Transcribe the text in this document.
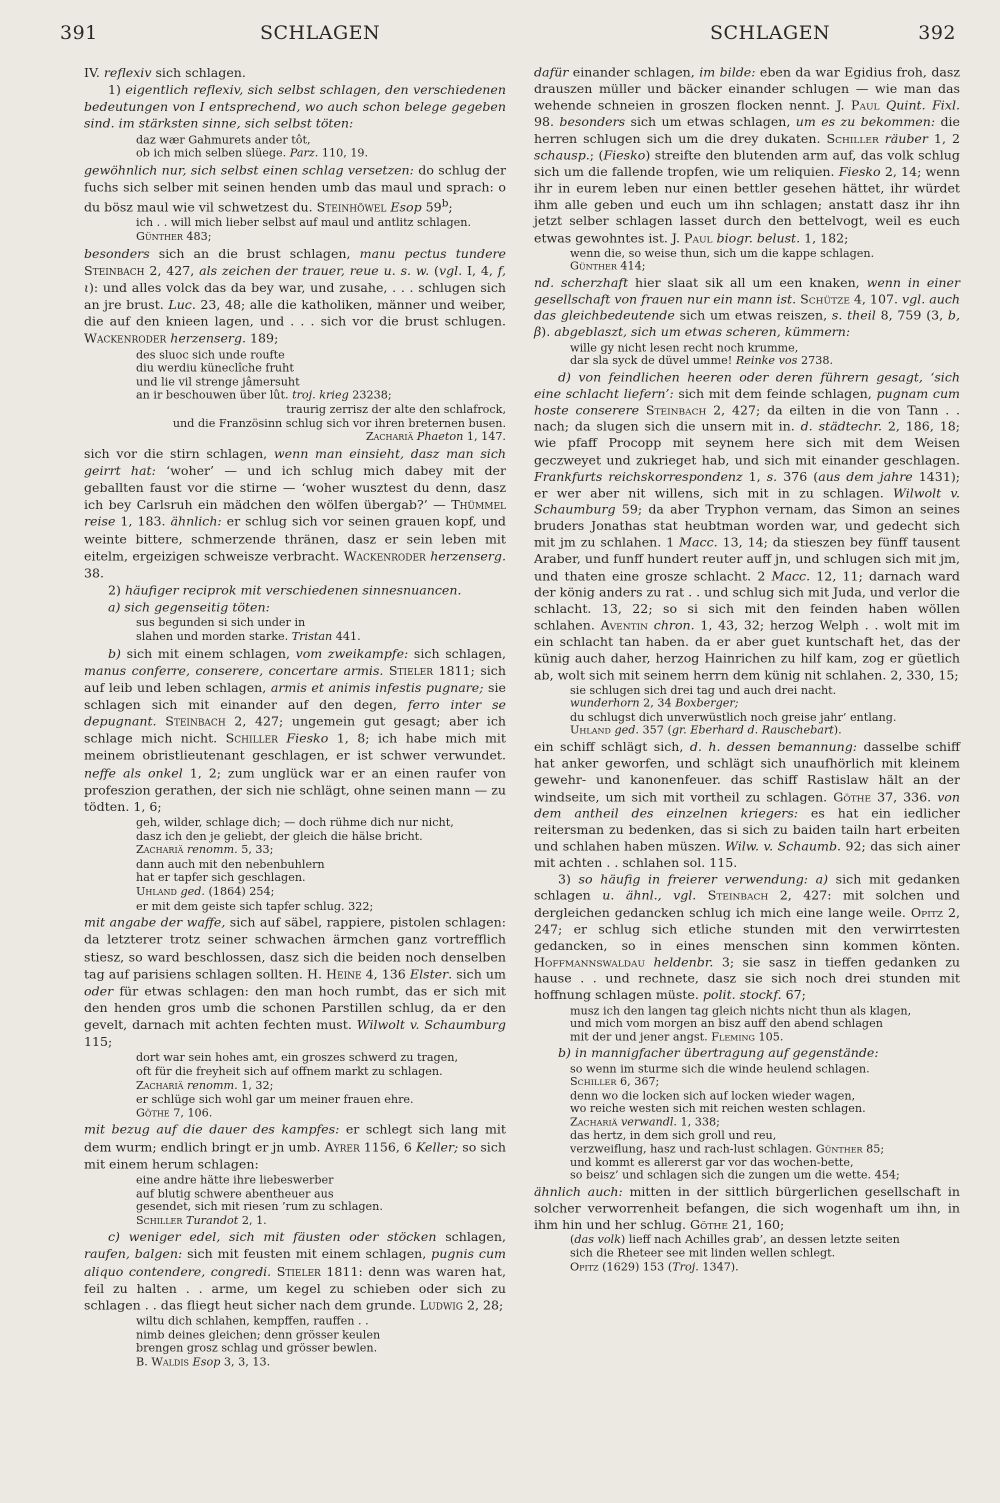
391	SCHLAGEN	SCHLAGEN	392

IV. reflexiv sich schlagen.

1) eigentlich reflexiv, sich selbst schlagen, den verschiedenen bedeutungen von I entsprechend, wo auch schon belege gegeben sind. im stärksten sinne, sich selbst töten:

daz wær Gahmurets ander tôt,
ob ich mich selben slüege. Parz. 110, 19.

gewöhnlich nur, sich selbst einen schlag versetzen: do schlug der fuchs sich selber mit seinen henden umb das maul und sprach: o du bösz maul wie vil schwetzest du. Steinhöwel Esop 59$^b$;

ich . . will mich lieber selbst auf maul und antlitz schlagen.
Günther 483;

besonders sich an die brust schlagen, manu pectus tundere Steinbach 2, 427, als zeichen der trauer, reue u. s. w. (vgl. I, 4, f, ι): und alles volck das da bey war, und zusahe, . . . schlugen sich an jre brust. Luc. 23, 48; alle die katholiken, männer und weiber, die auf den knieen lagen, und . . . sich vor die brust schlugen. Wackenroder herzenserg. 189;

des sluoc sich unde roufte
diu werdiu küneclîche fruht
und lie vil strenge jâmersuht
an ir beschouwen über lût. troj. krieg 23238;
traurig zerrisz der alte den schlafrock,
und die Französinn schlug sich vor ihren breternen busen.
Zachariä Phaeton 1, 147.

sich vor die stirn schlagen, wenn man einsieht, dasz man sich geirrt hat: ‘woher’ — und ich schlug mich dabey mit der geballten faust vor die stirne — ‘woher wusztest du denn, dasz ich bey Carlsruh ein mädchen den wölfen übergab?’ — Thümmel reise 1, 183. ähnlich: er schlug sich vor seinen grauen kopf, und weinte bittere, schmerzende thränen, dasz er sein leben mit eitelm, ergeizigen schweisze verbracht. Wackenroder herzenserg. 38.

2) häufiger reciprok mit verschiedenen sinnesnuancen.

a) sich gegenseitig töten:

sus begunden si sich under in
slahen und morden starke. Tristan 441.

b) sich mit einem schlagen, vom zweikampfe: sich schlagen, manus conferre, conserere, concertare armis. Stieler 1811; sich auf leib und leben schlagen, armis et animis infestis pugnare; sie schlagen sich mit einander auf den degen, ferro inter se depugnant. Steinbach 2, 427; ungemein gut gesagt; aber ich schlage mich nicht. Schiller Fiesko 1, 8; ich habe mich mit meinem obristlieutenant geschlagen, er ist schwer verwundet. neffe als onkel 1, 2; zum unglück war er an einen raufer von profeszion gerathen, der sich nie schlägt, ohne seinen mann — zu tödten. 1, 6;

geh, wilder, schlage dich; — doch rühme dich nur nicht,
dasz ich den je geliebt, der gleich die hälse bricht.
Zachariä renomm. 5, 33;
dann auch mit den nebenbuhlern
hat er tapfer sich geschlagen.
Uhland ged. (1864) 254;
er mit dem geiste sich tapfer schlug. 322;

mit angabe der waffe, sich auf säbel, rappiere, pistolen schlagen: da letzterer trotz seiner schwachen ärmchen ganz vortrefflich stiesz, so ward beschlossen, dasz sich die beiden noch denselben tag auf parisiens schlagen sollten. H. Heine 4, 136 Elster. sich um oder für etwas schlagen: den man hoch rumbt, das er sich mit den henden gros umb die schonen Parstillen schlug, da er den gevelt, darnach mit achten fechten must. Wilwolt v. Schaumburg 115;

dort war sein hohes amt, ein groszes schwerd zu tragen,
oft für die freyheit sich auf offnem markt zu schlagen.
Zachariä renomm. 1, 32;
er schlüge sich wohl gar um meiner frauen ehre.
Göthe 7, 106.

mit bezug auf die dauer des kampfes: er schlegt sich lang mit dem wurm; endlich bringt er jn umb. Ayrer 1156, 6 Keller; so sich mit einem herum schlagen:

eine andre hätte ihre liebeswerber
auf blutig schwere abentheuer aus
gesendet, sich mit riesen ’rum zu schlagen.
Schiller Turandot 2, 1.

c) weniger edel, sich mit fäusten oder stöcken schlagen, raufen, balgen: sich mit feusten mit einem schlagen, pugnis cum aliquo contendere, congredi. Stieler 1811: denn was waren hat, feil zu halten . . arme, um kegel zu schieben oder sich zu schlagen . . das fliegt heut sicher nach dem grunde. Ludwig 2, 28;

wiltu dich schlahen, kempffen, rauffen . .
nimb deines gleichen; denn grösser keulen
brengen grosz schlag und grösser bewlen.
B. Waldis Esop 3, 3, 13.

dafür einander schlagen, im bilde: eben da war Egidius froh, dasz drauszen müller und bäcker einander schlugen — wie man das wehende schneien in groszen flocken nennt. J. Paul Quint. Fixl. 98. besonders sich um etwas schlagen, um es zu bekommen: die herren schlugen sich um die drey dukaten. Schiller räuber 1, 2 schausp.; (Fiesko) streifte den blutenden arm auf, das volk schlug sich um die fallende tropfen, wie um reliquien. Fiesko 2, 14; wenn ihr in eurem leben nur einen bettler gesehen hättet, ihr würdet ihm alle geben und euch um ihn schlagen; anstatt dasz ihr ihn jetzt selber schlagen lasset durch den bettelvogt, weil es euch etwas gewohntes ist. J. Paul biogr. belust. 1, 182;

wenn die, so weise thun, sich um die kappe schlagen.
Günther 414;

nd. scherzhaft hier slaat sik all um een knaken, wenn in einer gesellschaft von frauen nur ein mann ist. Schütze 4, 107. vgl. auch das gleichbedeutende sich um etwas reiszen, s. theil 8, 759 (3, b, β). abgeblaszt, sich um etwas scheren, kümmern:

wille gy nicht lesen recht noch krumme,
dar sla syck de düvel umme! Reinke vos 2738.

d) von feindlichen heeren oder deren führern gesagt, ‘sich eine schlacht liefern’: sich mit dem feinde schlagen, pugnam cum hoste conserere Steinbach 2, 427; da eilten in die von Tann . . nach; da slugen sich die unsern mit in. d. städtechr. 2, 186, 18; wie pfaff Procopp mit seynem here sich mit dem Weisen geczweyet und zukrieget hab, und sich mit einander geschlagen. Frankfurts reichskorrespondenz 1, s. 376 (aus dem jahre 1431); er wer aber nit willens, sich mit in zu schlagen. Wilwolt v. Schaumburg 59; da aber Tryphon vernam, das Simon an seines bruders Jonathas stat heubtman worden war, und gedecht sich mit jm zu schlahen. 1 Macc. 13, 14; da stieszen bey fünff tausent Araber, und funff hundert reuter auff jn, und schlugen sich mit jm, und thaten eine grosze schlacht. 2 Macc. 12, 11; darnach ward der könig anders zu rat . . und schlug sich mit Juda, und verlor die schlacht. 13, 22; so si sich mit den feinden haben wöllen schlahen. Aventin chron. 1, 43, 32; herzog Welph . . wolt mit im ein schlacht tan haben. da er aber guet kuntschaft het, das der künig auch daher, herzog Hainrichen zu hilf kam, zog er güetlich ab, wolt sich mit seinem herrn dem künig nit schlahen. 2, 330, 15;

sie schlugen sich drei tag und auch drei nacht.
wunderhorn 2, 34 Boxberger;
du schlugst dich unverwüstlich noch greise jahr’ entlang.
Uhland ged. 357 (gr. Eberhard d. Rauschebart).

ein schiff schlägt sich, d. h. dessen bemannung: dasselbe schiff hat anker geworfen, und schlägt sich unaufhörlich mit kleinem gewehr- und kanonenfeuer. das schiff Rastislaw hält an der windseite, um sich mit vortheil zu schlagen. Göthe 37, 336. von dem antheil des einzelnen kriegers: es hat ein iedlicher reitersman zu bedenken, das si sich zu baiden tailn hart erbeiten und schlahen haben müszen. Wilw. v. Schaumb. 92; das sich ainer mit achten . . schlahen sol. 115.

3) so häufig in freierer verwendung: a) sich mit gedanken schlagen u. ähnl., vgl. Steinbach 2, 427: mit solchen und dergleichen gedancken schlug ich mich eine lange weile. Opitz 2, 247; er schlug sich etliche stunden mit den verwirrtesten gedancken, so in eines menschen sinn kommen könten. Hoffmannswaldau heldenbr. 3; sie sasz in tieffen gedanken zu hause . . und rechnete, dasz sie sich noch drei stunden mit hoffnung schlagen müste. polit. stockf. 67;

musz ich den langen tag gleich nichts nicht thun als klagen,
und mich vom morgen an bisz auff den abend schlagen
mit der und jener angst. Fleming 105.

b) in mannigfacher übertragung auf gegenstände:

so wenn im sturme sich die winde heulend schlagen.
Schiller 6, 367;
denn wo die locken sich auf locken wieder wagen,
wo reiche westen sich mit reichen westen schlagen.
Zachariä verwandl. 1, 338;
das hertz, in dem sich groll und reu,
verzweiflung, hasz und rach-lust schlagen. Günther 85;
und kommt es allererst gar vor das wochen-bette,
so beisz’ und schlagen sich die zungen um die wette. 454;

ähnlich auch: mitten in der sittlich bürgerlichen gesellschaft in solcher verworrenheit befangen, die sich wogenhaft um ihn, in ihm hin und her schlug. Göthe 21, 160;

(das volk) lieff nach Achilles grab’, an dessen letzte seiten
sich die Rheteer see mit linden wellen schlegt.
Opitz (1629) 153 (Troj. 1347).
